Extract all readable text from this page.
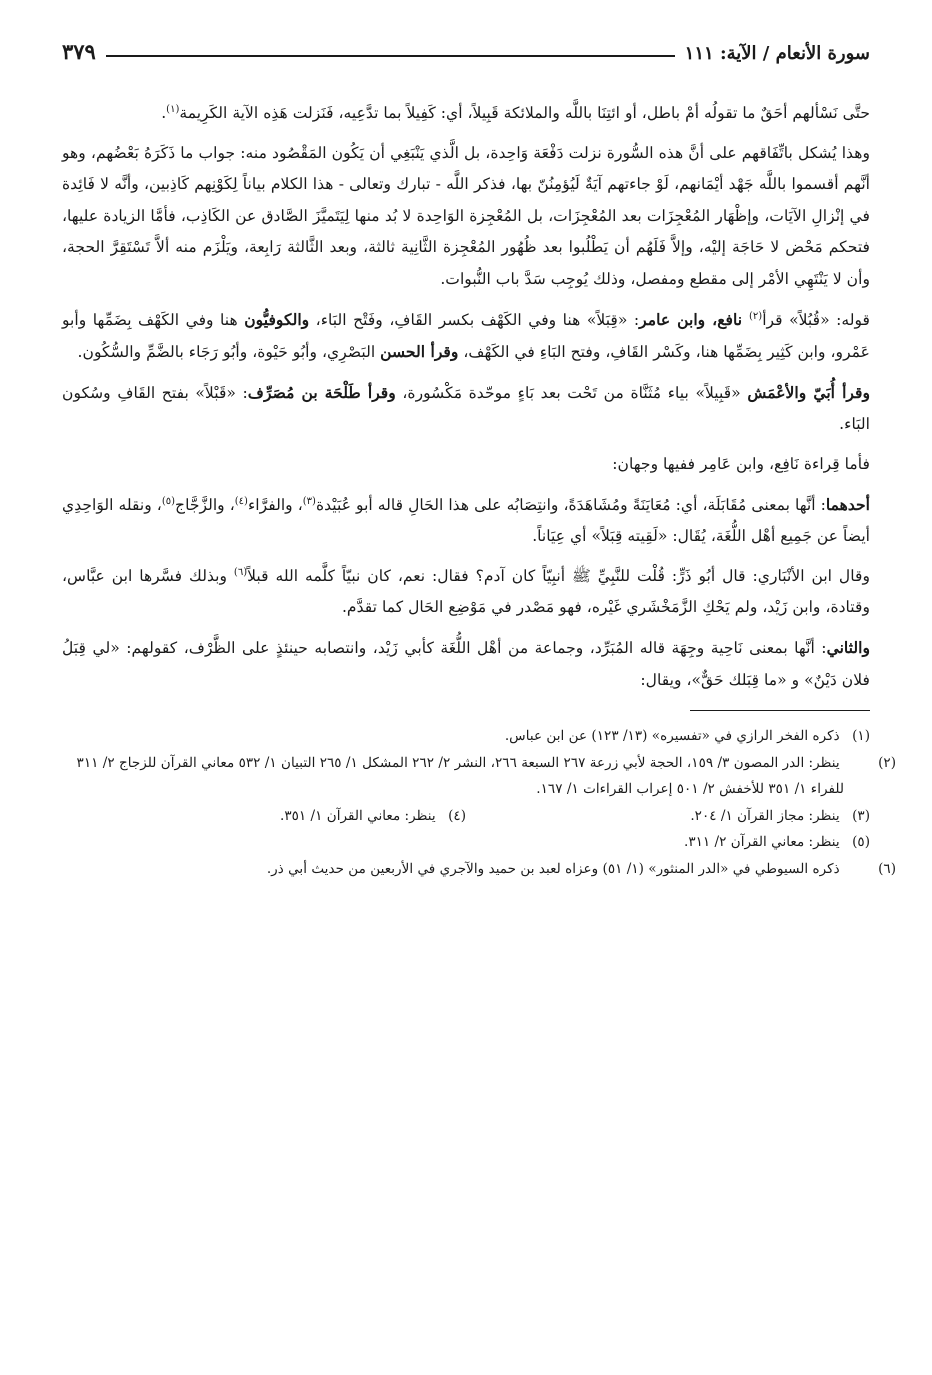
سورة الأنعام / الآية: ١١١
٣٧٩

حتَّى نَسْألهم أحَقٌ ما تقولُه أمْ باطل، أو ائتِنَا باللَّه والملائكة قَبِيلاً، أي: كَفِيلاً بما تدَّعِيه، فَنَزلت هَذِه الآية الكَرِيمة$^{(١)}$.

وهذا يُشكل باتِّفَاقهم على أنَّ هذه السُّورة نزلت دَفْعَة وَاحِدة، بل الَّذي يَنْبَغِي أن يَكُون المَقْصُود منه: جواب ما ذَكَرَهُ بَعْضُهم، وهو أنَّهم أقسموا باللَّه جَهْد أيْمَانهم، لَوْ جاءتهم آيَةٌ لَيُؤمِنُنّ بها، فذكر اللَّه - تبارك وتعالى - هذا الكلام بياناً لِكَوْنِهم كَاذِبين، وأنَّه لا فَائِدة في إنْزالِ الآيَات، وإظْهَار المُعْجِزَات بعد المُعْجِزَات، بل المُعْجِزة الوَاحِدة لا بُد منها لِيَتَميَّزَ الصَّادق عن الكَاذِب، فأمَّا الزيادة عليها، فتحكم مَحْض لا حَاجَة إليْه، وإلاَّ فَلَهُم أن يَطْلُبوا بعد ظُهُور المُعْجِزة الثَّانِية ثالثة، وبعد الثَّالثة رَابِعة، ويَلْزَم منه ألاَّ تَسْتَقِرَّ الحجة، وأن لا يَنْتَهِي الأمْر إلى مقطع ومفصل، وذلك يُوجِب سَدَّ باب النُّبوات.

قوله: «قُبُلاً» قرأ$^{(٢)}$ نافع، وابن عامر: «قِبَلاً» هنا وفي الكَهْف بكسر القَافِ، وفَتْح البَاء، والكوفيُّون هنا وفي الكَهْف بِضَمِّها وأبو عَمْرو، وابن كَثِير بِضَمِّها هنا، وكَسْر القَافِ، وفتح البَاءِ في الكَهْف، وقرأ الحسن البَصْرِي، وأبُو حَيْوة، وأبُو رَجَاء بالضَّمِّ والسُّكُون.

وقرأ أُبَيّ والأعْمَش «قَبِيلاً» بياء مُثَنَّاة من تَحْت بعد بَاءٍ موحّدة مَكْسُورة، وقرأ طَلْحَة بن مُصَرِّف: «قَبْلاً» بفتح القَافِ وسُكون البَاء.

فأما قِراءة نَافِع، وابن عَامِر ففيها وجهان:

أحدهما: أنَّها بمعنى مُقَابَلَة، أي: مُعَايَنَةً ومُشَاهَدَةً، وانتِصَابُه على هذا الحَالِ قاله أبو عُبَيْدة$^{(٣)}$، والفرَّاء$^{(٤)}$، والزَّجَّاج$^{(٥)}$، ونقله الوَاحِدِي أيضاً عن جَمِيع أهْل اللُّغَة، يُقَال: «لَقِيته قِبَلاً» أي عِيَاناً.

وقال ابن الأنْبَاري: قال أبُو ذَرٍّ: قُلْت للنَّبِيِّ ﷺ أنبِيّاً كان آدم؟ فقال: نعم، كان نبيّاً كلَّمه الله قبلاً$^{(٦)}$ وبذلك فسَّرها ابن عبَّاس، وقتادة، وابن زَيْد، ولم يَحْكِ الزَّمَخْشَري غَيْره، فهو مَصْدر في مَوْضِع الحَال كما تقدَّم.

والثاني: أنَّها بمعنى نَاحِية وجِهَة قاله المُبَرِّد، وجماعة من أهْل اللُّغَة كأبي زَيْد، وانتصابه حينئذٍ على الظَّرْف، كقولهم: «لي قِبَلُ فلان دَيْنٌ» و «ما قِبَلك حَقٌّ»، ويقال:

(١) ذكره الفخر الرازي في «تفسيره» (١٣/ ١٢٣) عن ابن عباس.

(٢) ينظر: الدر المصون ٣/ ١٥٩، الحجة لأبي زرعة ٢٦٧ السبعة ٢٦٦، النشر ٢/ ٢٦٢ المشكل ١/ ٢٦٥ التبيان ١/ ٥٣٢ معاني القرآن للزجاج ٢/ ٣١١ للفراء ١/ ٣٥١ للأخفش ٢/ ٥٠١ إعراب القراءات ١/ ١٦٧.

(٣) ينظر: مجاز القرآن ١/ ٢٠٤.

(٤) ينظر: معاني القرآن ١/ ٣٥١.

(٥) ينظر: معاني القرآن ٢/ ٣١١.

(٦) ذكره السيوطي في «الدر المنثور» (١/ ٥١) وعزاه لعبد بن حميد والآجري في الأربعين من حديث أبي ذر.
